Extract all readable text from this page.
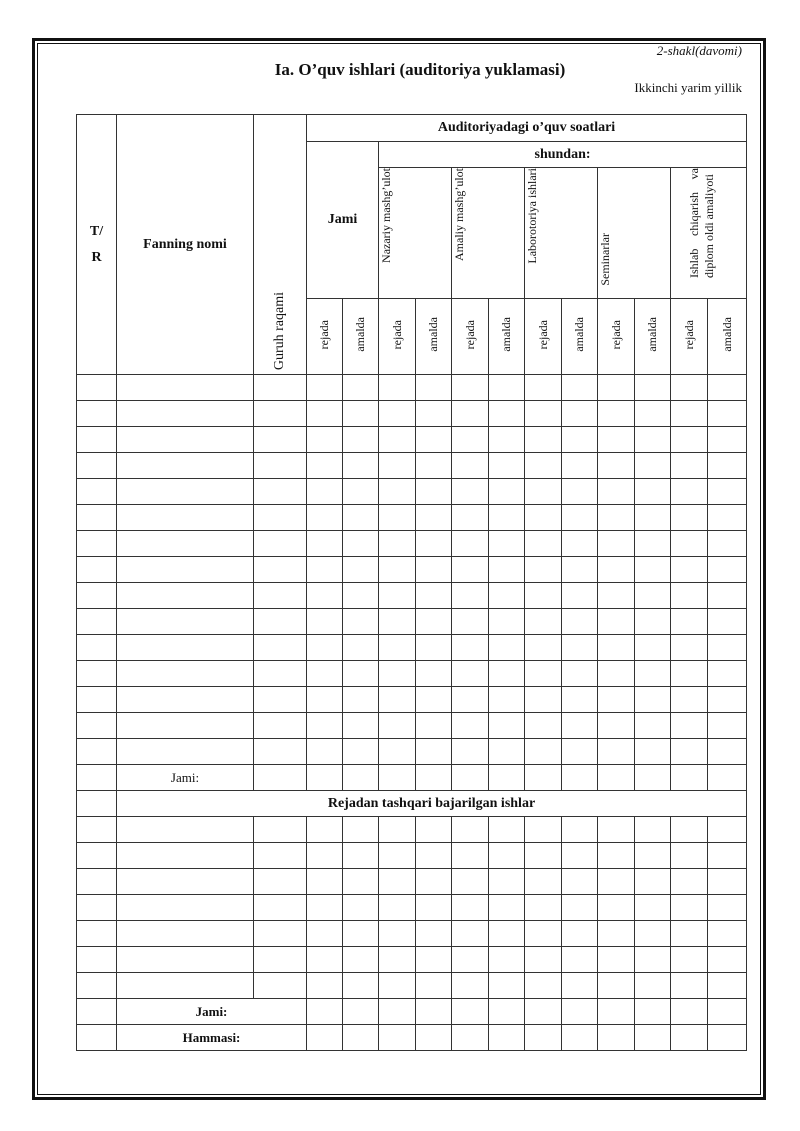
2-shakl(davomi)
Ia. O’quv ishlari (auditoriya yuklamasi)
Ikkinchi yarim yillik
T/
R	Fanning nomi	Guruh raqami	Auditoriyadagi o’quv soatlari											
			Jami		shundan:									
					Nazariy mashg’ulot		Amaliy mashg’ulot		Laborotoriya ishlari		Seminarlar		Ishlab chiqarish va diplom oldi amaliyoti	
			rejada	amalda	rejada	amalda	rejada	amalda	rejada	amalda	rejada	amalda	rejada	amalda

	Jami:													
	Rejadan tashqari bajarilgan ishlar													

	Jami:													
	Hammasi:													
